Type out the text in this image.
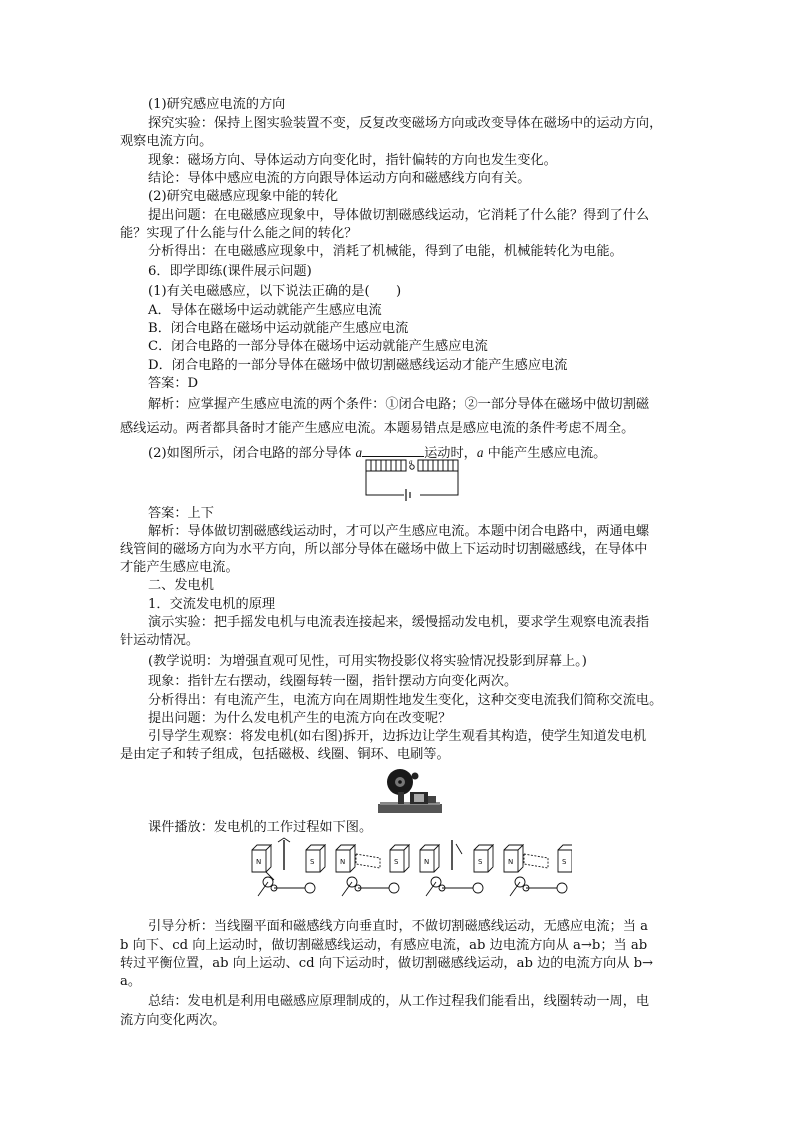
(1)研究感应电流的方向
探究实验：保持上图实验装置不变，反复改变磁场方向或改变导体在磁场中的运动方向，
观察电流方向。
现象：磁场方向、导体运动方向变化时，指针偏转的方向也发生变化。
结论：导体中感应电流的方向跟导体运动方向和磁感线方向有关。
(2)研究电磁感应现象中能的转化
提出问题：在电磁感应现象中，导体做切割磁感线运动，它消耗了什么能？得到了什么
能？实现了什么能与什么能之间的转化？
分析得出：在电磁感应现象中，消耗了机械能，得到了电能，机械能转化为电能。
6．即学即练(课件展示问题)
(1)有关电磁感应，以下说法正确的是(　　)
A．导体在磁场中运动就能产生感应电流
B．闭合电路在磁场中运动就能产生感应电流
C．闭合电路的一部分导体在磁场中运动就能产生感应电流
D．闭合电路的一部分导体在磁场中做切割磁感线运动才能产生感应电流
答案：D
解析：应掌握产生感应电流的两个条件：①闭合电路；②一部分导体在磁场中做切割磁
感线运动。两者都具备时才能产生感应电流。本题易错点是感应电流的条件考虑不周全。
(2)如图所示，闭合电路的部分导体 a	运动时，a 中能产生感应电流。
a
答案：上下
解析：导体做切割磁感线运动时，才可以产生感应电流。本题中闭合电路中，两通电螺
线管间的磁场方向为水平方向，所以部分导体在磁场中做上下运动时切割磁感线，在导体中
才能产生感应电流。
二、发电机
1．交流发电机的原理
演示实验：把手摇发电机与电流表连接起来，缓慢摇动发电机，要求学生观察电流表指
针运动情况。
(教学说明：为增强直观可见性，可用实物投影仪将实验情况投影到屏幕上。)
现象：指针左右摆动，线圈每转一圈，指针摆动方向变化两次。
分析得出：有电流产生，电流方向在周期性地发生变化，这种交变电流我们简称交流电。
提出问题：为什么发电机产生的电流方向在改变呢？
引导学生观察：将发电机(如右图)拆开，边拆边让学生观看其构造，使学生知道发电机
是由定子和转子组成，包括磁极、线圈、铜环、电刷等。
课件播放：发电机的工作过程如下图。
N	S	N	S	N	S	N	S
引导分析：当线圈平面和磁感线方向垂直时，不做切割磁感线运动，无感应电流；当 a
b 向下、cd 向上运动时，做切割磁感线运动，有感应电流，ab 边电流方向从 a→b；当 ab
转过平衡位置，ab 向上运动、cd 向下运动时，做切割磁感线运动，ab 边的电流方向从 b→
a。
总结：发电机是利用电磁感应原理制成的，从工作过程我们能看出，线圈转动一周，电
流方向变化两次。
